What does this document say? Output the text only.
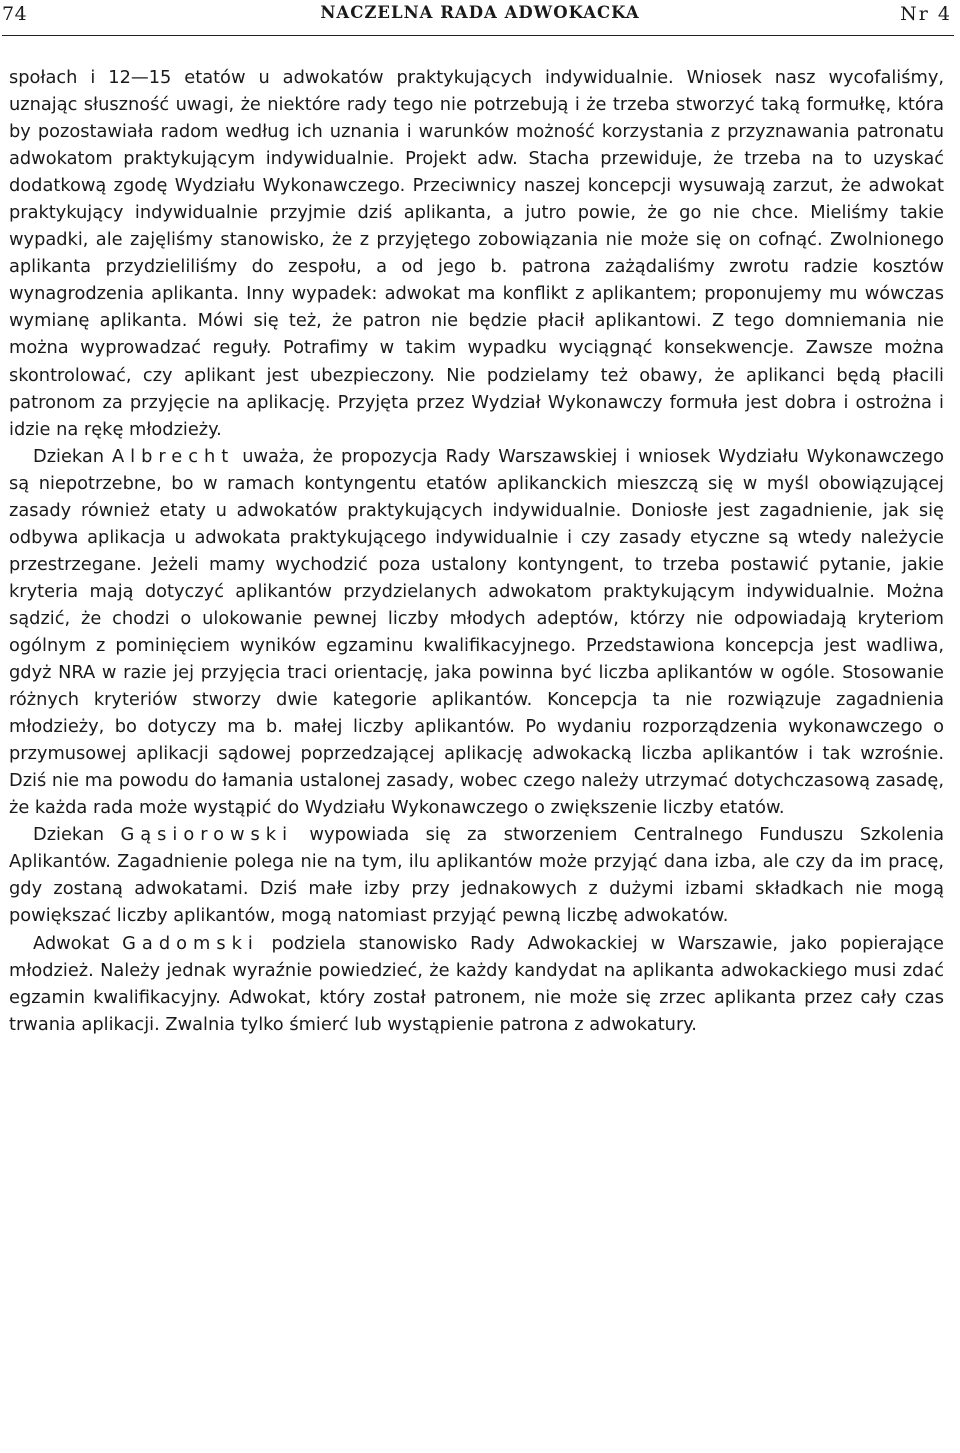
74	NACZELNA RADA ADWOKACKA	Nr 4

społach i 12—15 etatów u adwokatów praktykujących indywidualnie. Wniosek nasz wycofaliśmy, uznając słuszność uwagi, że niektóre rady tego nie potrzebują i że trzeba stworzyć taką formułkę, która by pozostawiała radom według ich uznania i warunków możność korzystania z przyznawania patronatu adwokatom praktykującym indywidualnie. Projekt adw. Stacha przewiduje, że trzeba na to uzyskać dodatkową zgodę Wydziału Wykonawczego. Przeciwnicy naszej koncepcji wysuwają zarzut, że adwokat praktykujący indywidualnie przyjmie dziś aplikanta, a jutro powie, że go nie chce. Mieliśmy takie wypadki, ale zajęliśmy stanowisko, że z przyjętego zobowiązania nie może się on cofnąć. Zwolnionego aplikanta przydzieliliśmy do zespołu, a od jego b. patrona zażądaliśmy zwrotu radzie kosztów wynagrodzenia aplikanta. Inny wypadek: adwokat ma konflikt z aplikantem; proponujemy mu wówczas wymianę aplikanta. Mówi się też, że patron nie będzie płacił aplikantowi. Z tego domniemania nie można wyprowadzać reguły. Potrafimy w takim wypadku wyciągnąć konsekwencje. Zawsze można skontrolować, czy aplikant jest ubezpieczony. Nie podzielamy też obawy, że aplikanci będą płacili patronom za przyjęcie na aplikację. Przyjęta przez Wydział Wykonawczy formuła jest dobra i ostrożna i idzie na rękę młodzieży.

Dziekan Albrecht uważa, że propozycja Rady Warszawskiej i wniosek Wydziału Wykonawczego są niepotrzebne, bo w ramach kontyngentu etatów aplikanckich mieszczą się w myśl obowiązującej zasady również etaty u adwokatów praktykujących indywidualnie. Doniosłe jest zagadnienie, jak się odbywa aplikacja u adwokata praktykującego indywidualnie i czy zasady etyczne są wtedy należycie przestrzegane. Jeżeli mamy wychodzić poza ustalony kontyngent, to trzeba postawić pytanie, jakie kryteria mają dotyczyć aplikantów przydzielanych adwokatom praktykującym indywidualnie. Można sądzić, że chodzi o ulokowanie pewnej liczby młodych adeptów, którzy nie odpowiadają kryteriom ogólnym z pominięciem wyników egzaminu kwalifikacyjnego. Przedstawiona koncepcja jest wadliwa, gdyż NRA w razie jej przyjęcia traci orientację, jaka powinna być liczba aplikantów w ogóle. Stosowanie różnych kryteriów stworzy dwie kategorie aplikantów. Koncepcja ta nie rozwiązuje zagadnienia młodzieży, bo dotyczy ma b. małej liczby aplikantów. Po wydaniu rozporządzenia wykonawczego o przymusowej aplikacji sądowej poprzedzającej aplikację adwokacką liczba aplikantów i tak wzrośnie. Dziś nie ma powodu do łamania ustalonej zasady, wobec czego należy utrzymać dotychczasową zasadę, że każda rada może wystąpić do Wydziału Wykonawczego o zwiększenie liczby etatów.

Dziekan Gąsiorowski wypowiada się za stworzeniem Centralnego Funduszu Szkolenia Aplikantów. Zagadnienie polega nie na tym, ilu aplikantów może przyjąć dana izba, ale czy da im pracę, gdy zostaną adwokatami. Dziś małe izby przy jednakowych z dużymi izbami składkach nie mogą powiększać liczby aplikantów, mogą natomiast przyjąć pewną liczbę adwokatów.

Adwokat Gadomski podziela stanowisko Rady Adwokackiej w Warszawie, jako popierające młodzież. Należy jednak wyraźnie powiedzieć, że każdy kandydat na aplikanta adwokackiego musi zdać egzamin kwalifikacyjny. Adwokat, który został patronem, nie może się zrzec aplikanta przez cały czas trwania aplikacji. Zwalnia tylko śmierć lub wystąpienie patrona z adwokatury.
